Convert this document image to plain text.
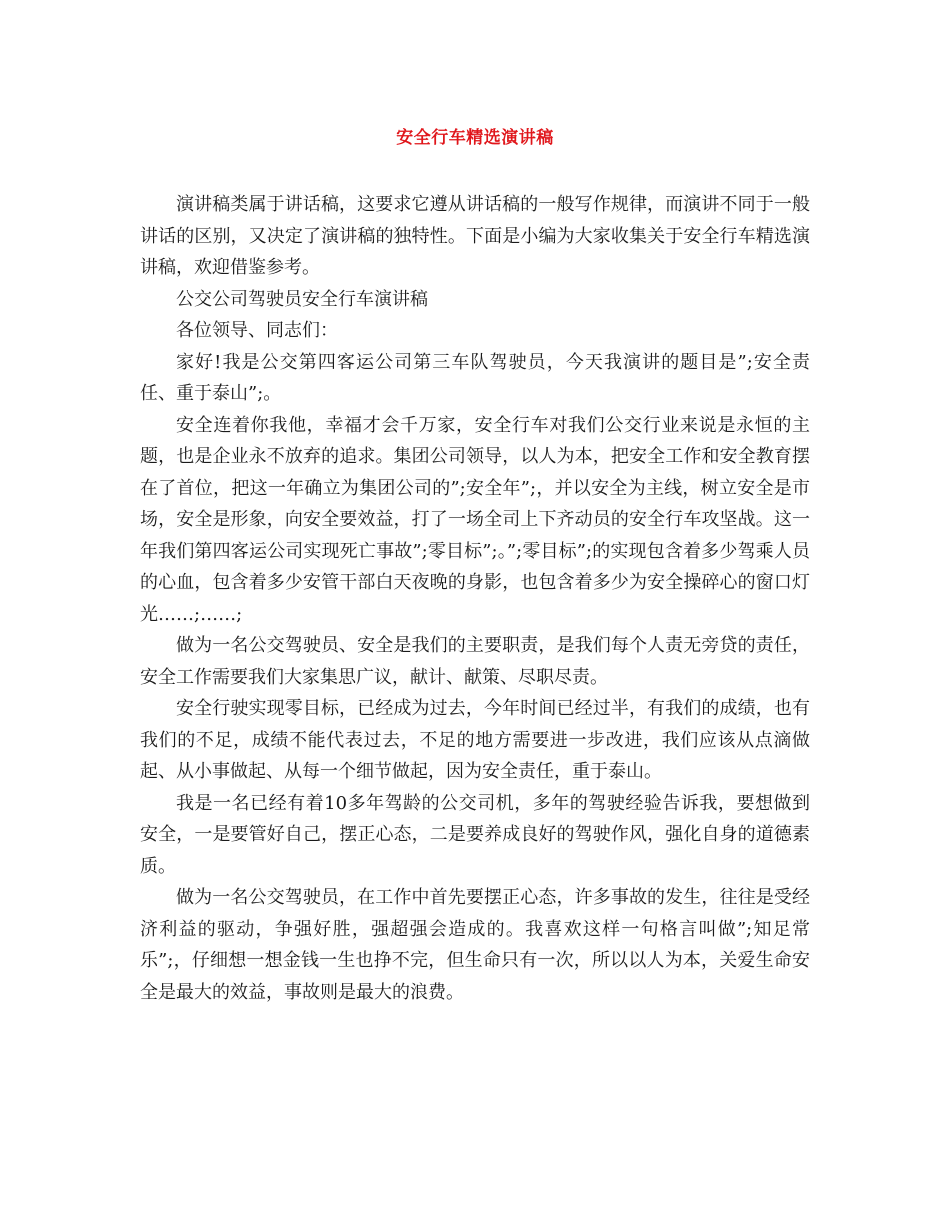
安全行车精选演讲稿

演讲稿类属于讲话稿，这要求它遵从讲话稿的一般写作规律，而演讲不同于一般讲话的区别，又决定了演讲稿的独特性。下面是小编为大家收集关于安全行车精选演讲稿，欢迎借鉴参考。

公交公司驾驶员安全行车演讲稿

各位领导、同志们：

家好!我是公交第四客运公司第三车队驾驶员，今天我演讲的题目是”;安全责任、重于泰山”;。

安全连着你我他，幸福才会千万家，安全行车对我们公交行业来说是永恒的主题，也是企业永不放弃的追求。集团公司领导，以人为本，把安全工作和安全教育摆在了首位，把这一年确立为集团公司的”;安全年”;，并以安全为主线，树立安全是市场，安全是形象，向安全要效益，打了一场全司上下齐动员的安全行车攻坚战。这一年我们第四客运公司实现死亡事故”;零目标”;。”;零目标”;的实现包含着多少驾乘人员的心血，包含着多少安管干部白天夜晚的身影，也包含着多少为安全操碎心的窗口灯光……;……;

做为一名公交驾驶员、安全是我们的主要职责，是我们每个人责无旁贷的责任，安全工作需要我们大家集思广议，献计、献策、尽职尽责。

安全行驶实现零目标，已经成为过去，今年时间已经过半，有我们的成绩，也有我们的不足，成绩不能代表过去，不足的地方需要进一步改进，我们应该从点滴做起、从小事做起、从每一个细节做起，因为安全责任，重于泰山。

我是一名已经有着10多年驾龄的公交司机，多年的驾驶经验告诉我，要想做到安全，一是要管好自己，摆正心态，二是要养成良好的驾驶作风，强化自身的道德素质。

做为一名公交驾驶员，在工作中首先要摆正心态，许多事故的发生，往往是受经济利益的驱动，争强好胜，强超强会造成的。我喜欢这样一句格言叫做”;知足常乐”;，仔细想一想金钱一生也挣不完，但生命只有一次，所以以人为本，关爱生命安全是最大的效益，事故则是最大的浪费。
